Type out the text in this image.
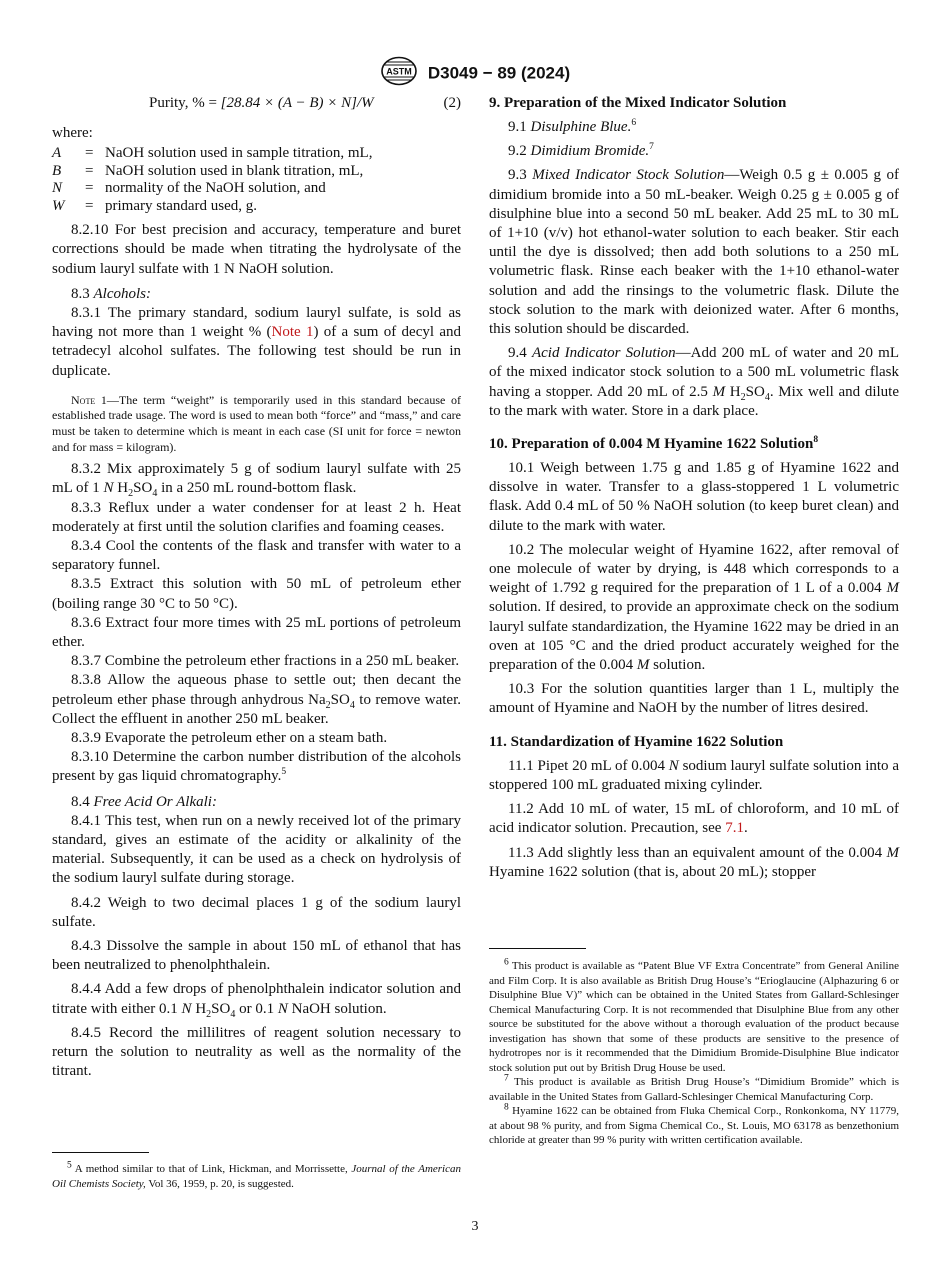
ASTM D3049 − 89 (2024)
Purity, % = [28.84 × (A − B) × N]/W	(2)

where:

A	=	NaOH solution used in sample titration, mL,
B	=	NaOH solution used in blank titration, mL,
N	=	normality of the NaOH solution, and
W	=	primary standard used, g.

8.2.10 For best precision and accuracy, temperature and buret corrections should be made when titrating the hydrolysate of the sodium lauryl sulfate with 1 N NaOH solution.

8.3 Alcohols:

8.3.1 The primary standard, sodium lauryl sulfate, is sold as having not more than 1 weight % (Note 1) of a sum of decyl and tetradecyl alcohol sulfates. The following test should be run in duplicate.

Note 1—The term “weight” is temporarily used in this standard because of established trade usage. The word is used to mean both “force” and “mass,” and care must be taken to determine which is meant in each case (SI unit for force = newton and for mass = kilogram).

8.3.2 Mix approximately 5 g of sodium lauryl sulfate with 25 mL of 1 N $H_2SO_4$ in a 250 mL round-bottom flask.

8.3.3 Reflux under a water condenser for at least 2 h. Heat moderately at first until the solution clarifies and foaming ceases.

8.3.4 Cool the contents of the flask and transfer with water to a separatory funnel.

8.3.5 Extract this solution with 50 mL of petroleum ether (boiling range 30 °C to 50 °C).

8.3.6 Extract four more times with 25 mL portions of petroleum ether.

8.3.7 Combine the petroleum ether fractions in a 250 mL beaker.

8.3.8 Allow the aqueous phase to settle out; then decant the petroleum ether phase through anhydrous $Na_2SO_4$ to remove water. Collect the effluent in another 250 mL beaker.

8.3.9 Evaporate the petroleum ether on a steam bath.

8.3.10 Determine the carbon number distribution of the alcohols present by gas liquid chromatography.$^5$

8.4 Free Acid Or Alkali:

8.4.1 This test, when run on a newly received lot of the primary standard, gives an estimate of the acidity or alkalinity of the material. Subsequently, it can be used as a check on hydrolysis of the sodium lauryl sulfate during storage.

8.4.2 Weigh to two decimal places 1 g of the sodium lauryl sulfate.

8.4.3 Dissolve the sample in about 150 mL of ethanol that has been neutralized to phenolphthalein.

8.4.4 Add a few drops of phenolphthalein indicator solution and titrate with either 0.1 N $H_2SO_4$ or 0.1 N NaOH solution.

8.4.5 Record the millilitres of reagent solution necessary to return the solution to neutrality as well as the normality of the titrant.

$^5$ A method similar to that of Link, Hickman, and Morrissette, Journal of the American Oil Chemists Society, Vol 36, 1959, p. 20, is suggested.
9. Preparation of the Mixed Indicator Solution

9.1 Disulphine Blue.$^6$

9.2 Dimidium Bromide.$^7$

9.3 Mixed Indicator Stock Solution—Weigh 0.5 g ± 0.005 g of dimidium bromide into a 50 mL-beaker. Weigh 0.25 g ± 0.005 g of disulphine blue into a second 50 mL beaker. Add 25 mL to 30 mL of 1+10 (v/v) hot ethanol-water solution to each beaker. Stir each until the dye is dissolved; then add both solutions to a 250 mL volumetric flask. Rinse each beaker with the 1+10 ethanol-water solution and add the rinsings to the volumetric flask. Dilute the stock solution to the mark with deionized water. After 6 months, this solution should be discarded.

9.4 Acid Indicator Solution—Add 200 mL of water and 20 mL of the mixed indicator stock solution to a 500 mL volumetric flask having a stopper. Add 20 mL of 2.5 M $H_2SO_4$. Mix well and dilute to the mark with water. Store in a dark place.

10. Preparation of 0.004 M Hyamine 1622 Solution$^8$

10.1 Weigh between 1.75 g and 1.85 g of Hyamine 1622 and dissolve in water. Transfer to a glass-stoppered 1 L volumetric flask. Add 0.4 mL of 50 % NaOH solution (to keep buret clean) and dilute to the mark with water.

10.2 The molecular weight of Hyamine 1622, after removal of one molecule of water by drying, is 448 which corresponds to a weight of 1.792 g required for the preparation of 1 L of a 0.004 M solution. If desired, to provide an approximate check on the sodium lauryl sulfate standardization, the Hyamine 1622 may be dried in an oven at 105 °C and the dried product accurately weighed for the preparation of the 0.004 M solution.

10.3 For the solution quantities larger than 1 L, multiply the amount of Hyamine and NaOH by the number of litres desired.

11. Standardization of Hyamine 1622 Solution

11.1 Pipet 20 mL of 0.004 N sodium lauryl sulfate solution into a stoppered 100 mL graduated mixing cylinder.

11.2 Add 10 mL of water, 15 mL of chloroform, and 10 mL of acid indicator solution. Precaution, see 7.1.

11.3 Add slightly less than an equivalent amount of the 0.004 M Hyamine 1622 solution (that is, about 20 mL); stopper

$^6$ This product is available as “Patent Blue VF Extra Concentrate” from General Aniline and Film Corp. It is also available as British Drug House’s “Erioglaucine (Alphazuring 6 or Disulphine Blue V)” which can be obtained in the United States from Gallard-Schlesinger Chemical Manufacturing Corp. It is not recommended that Disulphine Blue from any other source be substituted for the above without a thorough evaluation of the product because investigation has shown that some of these products are sensitive to the presence of hydrotropes nor is it recommended that the Dimidium Bromide-Disulphine Blue indicator stock solution put out by British Drug House be used.
$^7$ This product is available as British Drug House’s “Dimidium Bromide” which is available in the United States from Gallard-Schlesinger Chemical Manufacturing Corp.
$^8$ Hyamine 1622 can be obtained from Fluka Chemical Corp., Ronkonkoma, NY 11779, at about 98 % purity, and from Sigma Chemical Co., St. Louis, MO 63178 as benzethonium chloride at greater than 99 % purity with written certification available.
3
